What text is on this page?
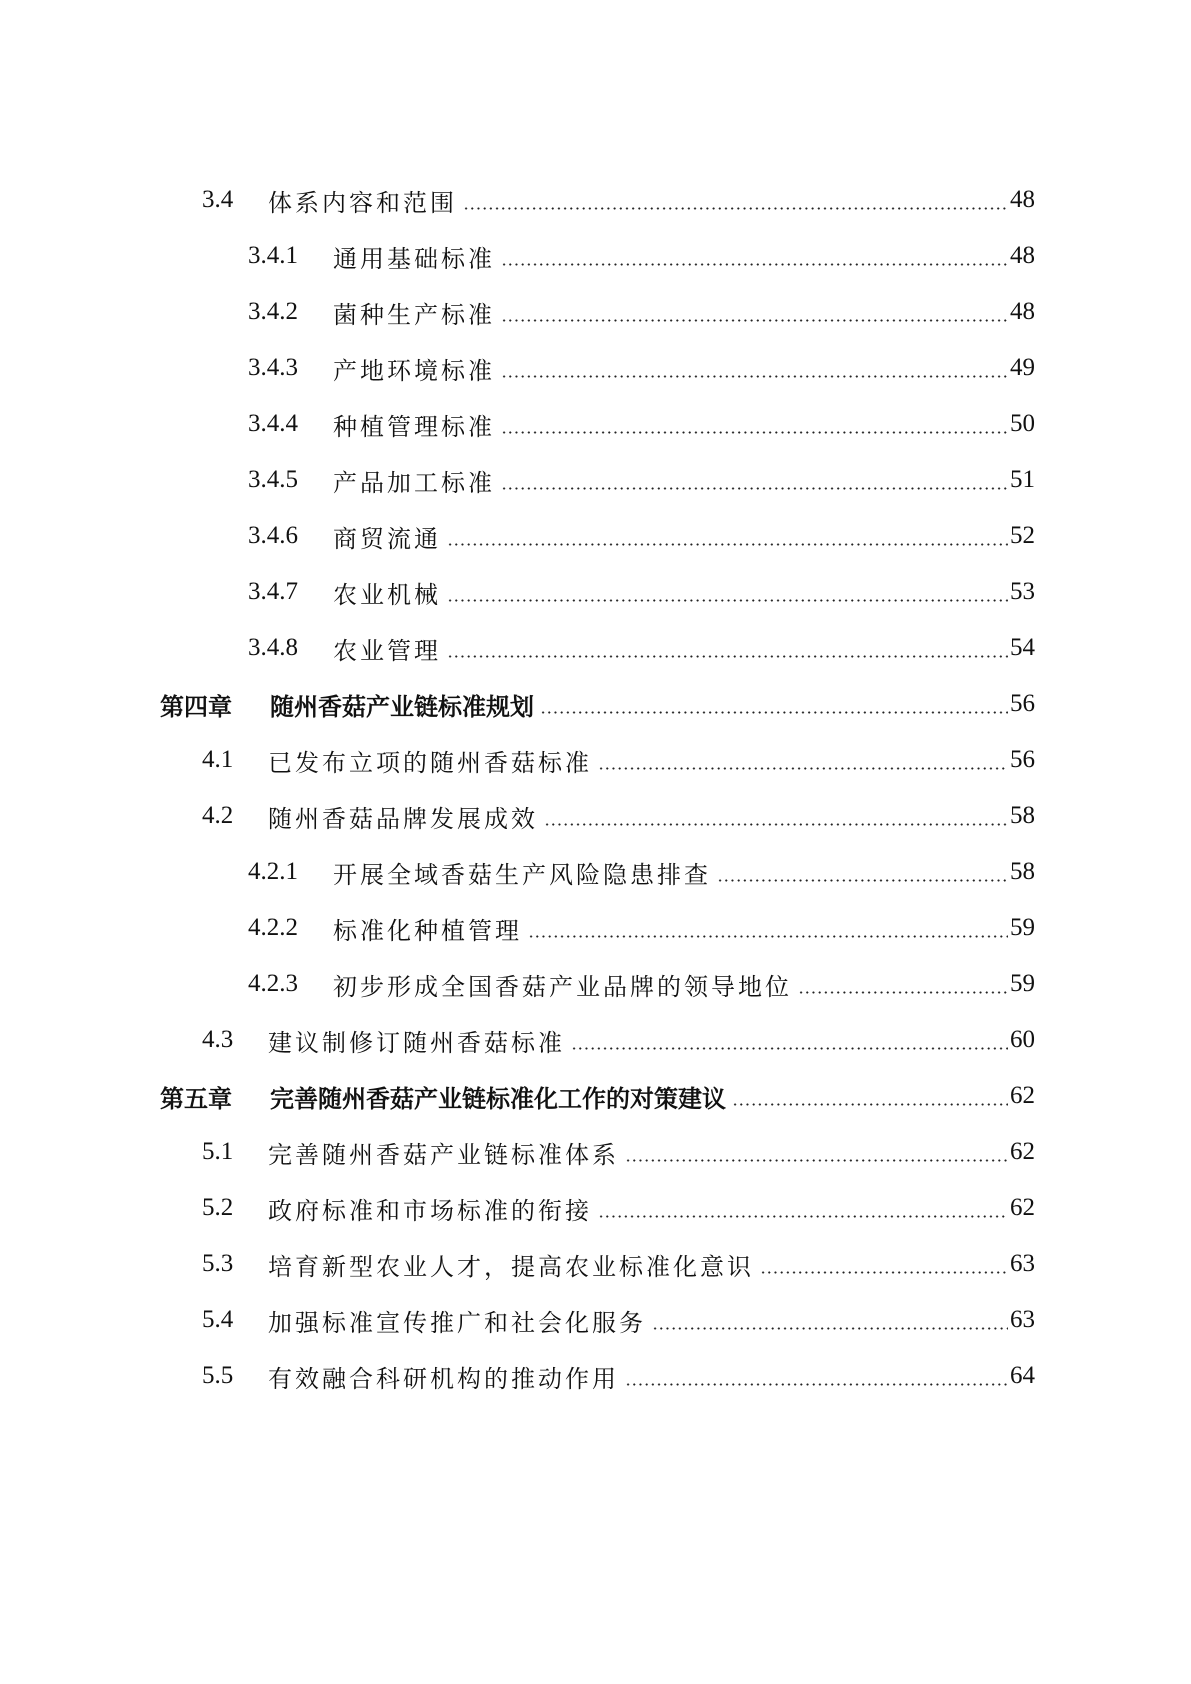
3.4	体系内容和范围	48
3.4.1	通用基础标准	48
3.4.2	菌种生产标准	48
3.4.3	产地环境标准	49
3.4.4	种植管理标准	50
3.4.5	产品加工标准	51
3.4.6	商贸流通	52
3.4.7	农业机械	53
3.4.8	农业管理	54
第四章	随州香菇产业链标准规划	56
4.1	已发布立项的随州香菇标准	56
4.2	随州香菇品牌发展成效	58
4.2.1	开展全域香菇生产风险隐患排查	58
4.2.2	标准化种植管理	59
4.2.3	初步形成全国香菇产业品牌的领导地位	59
4.3	建议制修订随州香菇标准	60
第五章	完善随州香菇产业链标准化工作的对策建议	62
5.1	完善随州香菇产业链标准体系	62
5.2	政府标准和市场标准的衔接	62
5.3	培育新型农业人才，提高农业标准化意识	63
5.4	加强标准宣传推广和社会化服务	63
5.5	有效融合科研机构的推动作用	64
